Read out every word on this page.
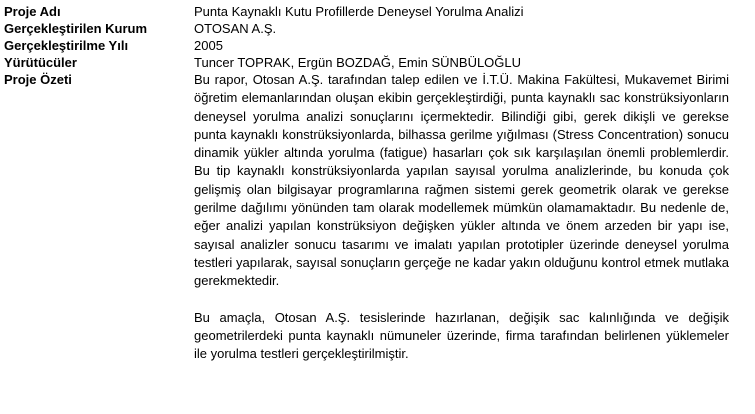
Proje Adı	Punta Kaynaklı Kutu Profillerde Deneysel Yorulma Analizi
Gerçekleştirilen Kurum	OTOSAN A.Ş.
Gerçekleştirilme Yılı	2005
Yürütücüler	Tuncer TOPRAK, Ergün BOZDAĞ, Emin SÜNBÜLOĞLU
Proje Özeti	Bu rapor, Otosan A.Ş. tarafından talep edilen ve İ.T.Ü. Makina Fakültesi, Mukavemet Birimi öğretim elemanlarından oluşan ekibin gerçekleştirdiği, punta kaynaklı sac konstrüksiyonların deneysel yorulma analizi sonuçlarını içermektedir. Bilindiği gibi, gerek dikişli ve gerekse punta kaynaklı konstrüksiyonlarda, bilhassa gerilme yığılması (Stress Concentration) sonucu dinamik yükler altında yorulma (fatigue) hasarları çok sık karşılaşılan önemli problemlerdir. Bu tip kaynaklı konstrüksiyonlarda yapılan sayısal yorulma analizlerinde, bu konuda çok gelişmiş olan bilgisayar programlarına rağmen sistemi gerek geometrik olarak ve gerekse gerilme dağılımı yönünden tam olarak modellemek mümkün olamamaktadır. Bu nedenle de, eğer analizi yapılan konstrüksiyon değişken yükler altında ve önem arzeden bir yapı ise, sayısal analizler sonucu tasarımı ve imalatı yapılan prototipler üzerinde deneysel yorulma testleri yapılarak, sayısal sonuçların gerçeğe ne kadar yakın olduğunu kontrol etmek mutlaka gerekmektedir.

Bu amaçla, Otosan A.Ş. tesislerinde hazırlanan, değişik sac kalınlığında ve değişik geometrilerdeki punta kaynaklı nümuneler üzerinde, firma tarafından belirlenen yüklemeler ile yorulma testleri gerçekleştirilmiştir.
